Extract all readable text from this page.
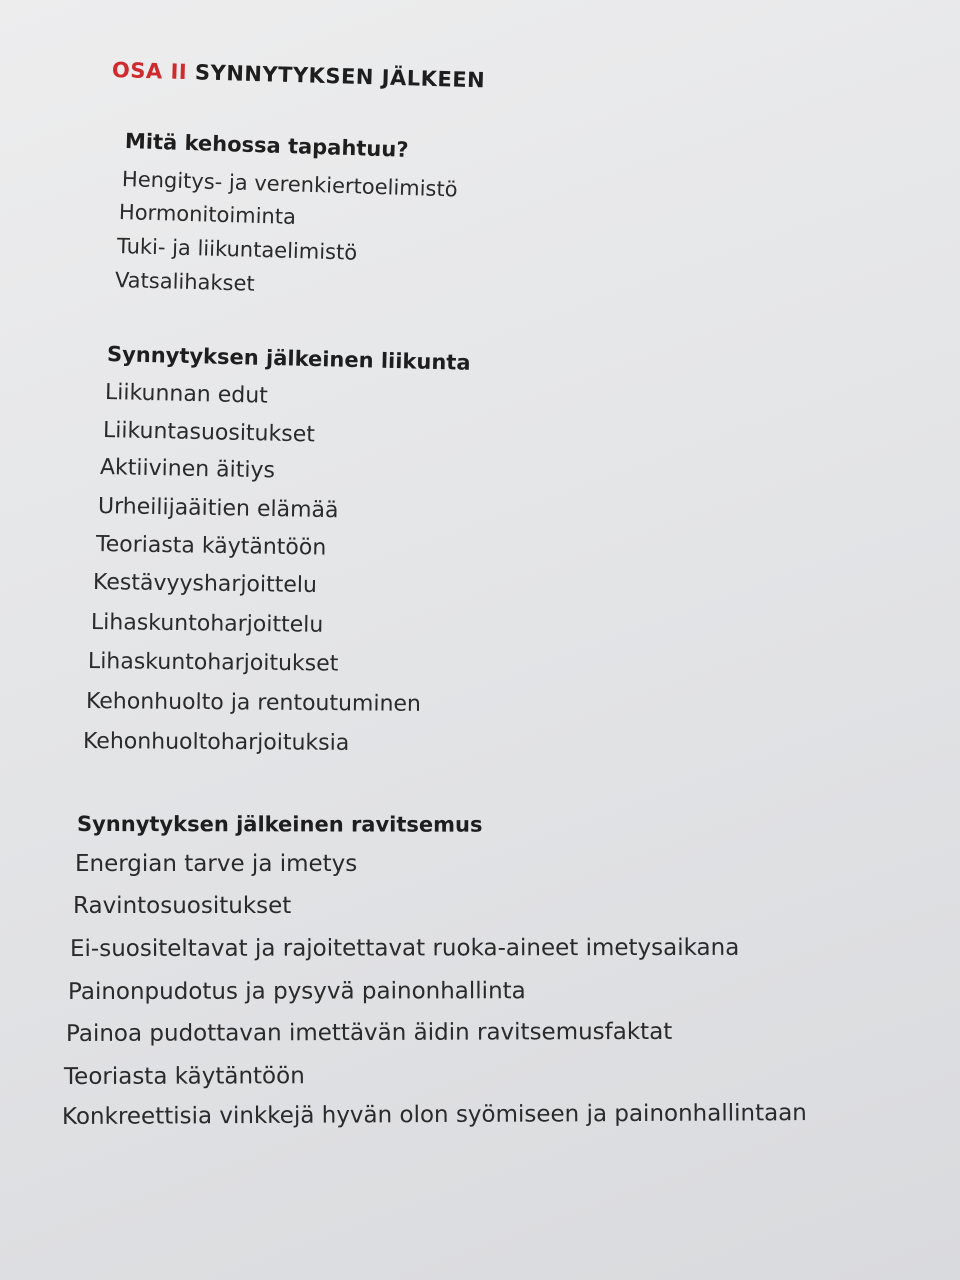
OSA II SYNNYTYKSEN JÄLKEEN
Mitä kehossa tapahtuu?
Hengitys- ja verenkiertoelimistö
Hormonitoiminta
Tuki- ja liikuntaelimistö
Vatsalihakset
Synnytyksen jälkeinen liikunta
Liikunnan edut
Liikuntasuositukset
Aktiivinen äitiys
Urheilijaäitien elämää
Teoriasta käytäntöön
Kestävyysharjoittelu
Lihaskuntoharjoittelu
Lihaskuntoharjoitukset
Kehonhuolto ja rentoutuminen
Kehonhuoltoharjoituksia
Synnytyksen jälkeinen ravitsemus
Energian tarve ja imetys
Ravintosuositukset
Ei-suositeltavat ja rajoitettavat ruoka-aineet imetysaikana
Painonpudotus ja pysyvä painonhallinta
Painoa pudottavan imettävän äidin ravitsemusfaktat
Teoriasta käytäntöön
Konkreettisia vinkkejä hyvän olon syömiseen ja painonhallintaan
